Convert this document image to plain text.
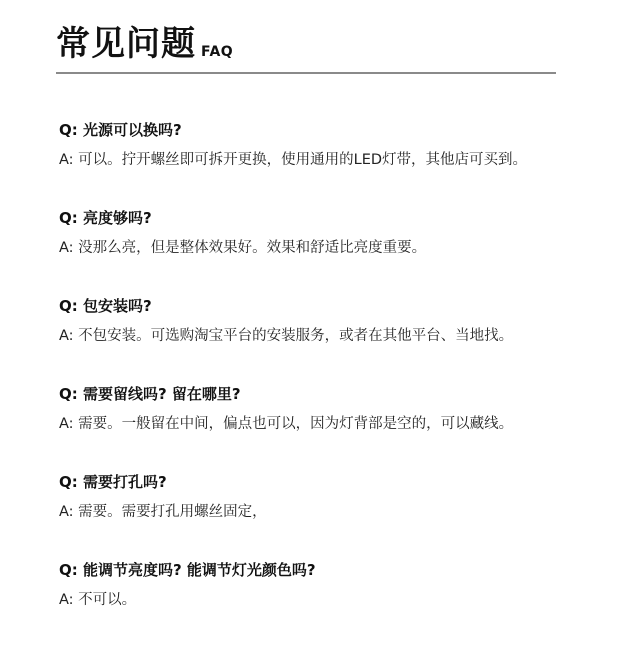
常见问题 FAQ
Q: 光源可以换吗?
A: 可以。拧开螺丝即可拆开更换，使用通用的LED灯带，其他店可买到。
Q: 亮度够吗?
A: 没那么亮，但是整体效果好。效果和舒适比亮度重要。
Q: 包安装吗?
A: 不包安装。可选购淘宝平台的安装服务，或者在其他平台、当地找。
Q: 需要留线吗? 留在哪里?
A: 需要。一般留在中间，偏点也可以，因为灯背部是空的，可以藏线。
Q: 需要打孔吗?
A: 需要。需要打孔用螺丝固定，
Q: 能调节亮度吗? 能调节灯光颜色吗?
A: 不可以。
